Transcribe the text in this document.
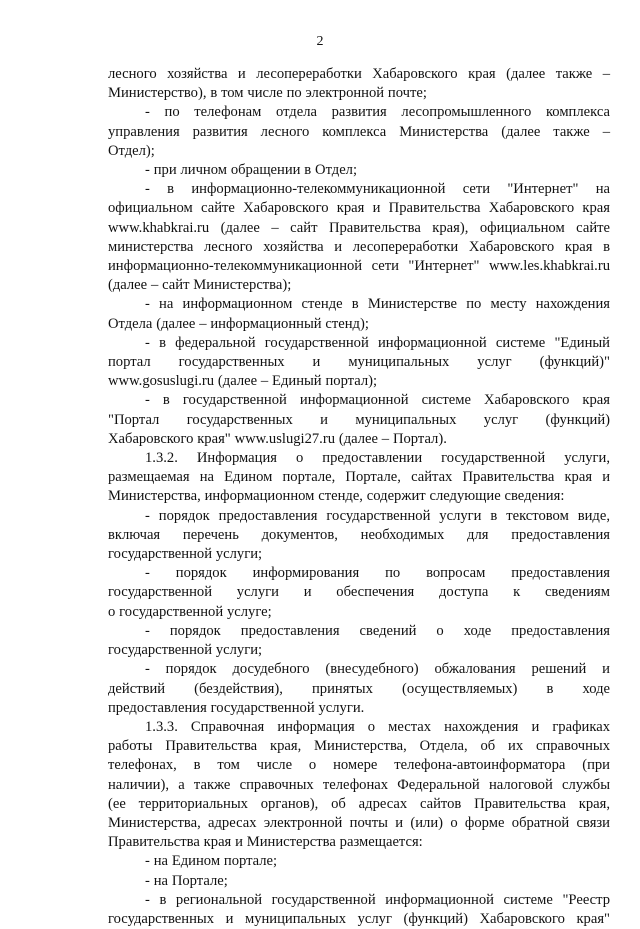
2

лесного хозяйства и лесопереработки Хабаровского края (далее также –

Министерство), в том числе по электронной почте;

- по телефонам отдела развития лесопромышленного комплекса

управления развития лесного комплекса Министерства (далее также –

Отдел);

- при личном обращении в Отдел;

- в информационно-телекоммуникационной сети "Интернет" на

официальном сайте Хабаровского края и Правительства Хабаровского края

www.khabkrai.ru (далее – сайт Правительства края), официальном сайте

министерства лесного хозяйства и лесопереработки Хабаровского края в

информационно-телекоммуникационной сети "Интернет" www.les.khabkrai.ru

(далее – сайт Министерства);

- на информационном стенде в Министерстве по месту нахождения

Отдела (далее – информационный стенд);

- в федеральной государственной информационной системе "Единый

портал государственных и муниципальных услуг (функций)"

www.gosuslugi.ru (далее – Единый портал);

- в государственной информационной системе Хабаровского края

"Портал государственных и муниципальных услуг (функций)

Хабаровского края" www.uslugi27.ru (далее – Портал).

1.3.2. Информация о предоставлении государственной услуги,

размещаемая на Едином портале, Портале, сайтах Правительства края и

Министерства, информационном стенде, содержит следующие сведения:

- порядок предоставления государственной услуги в текстовом виде,

включая перечень документов, необходимых для предоставления

государственной услуги;

- порядок информирования по вопросам предоставления

государственной услуги и обеспечения доступа к сведениям

о государственной услуге;

- порядок предоставления сведений о ходе предоставления

государственной услуги;

- порядок досудебного (внесудебного) обжалования решений и

действий (бездействия), принятых (осуществляемых) в ходе

предоставления государственной услуги.

1.3.3. Справочная информация о местах нахождения и графиках

работы Правительства края, Министерства, Отдела, об их справочных

телефонах, в том числе о номере телефона-автоинформатора (при

наличии), а также справочных телефонах Федеральной налоговой службы

(ее территориальных органов), об адресах сайтов Правительства края,

Министерства, адресах электронной почты и (или) о форме обратной связи

Правительства края и Министерства размещается:

- на Едином портале;

- на Портале;

- в региональной государственной информационной системе "Реестр

государственных и муниципальных услуг (функций) Хабаровского края"
